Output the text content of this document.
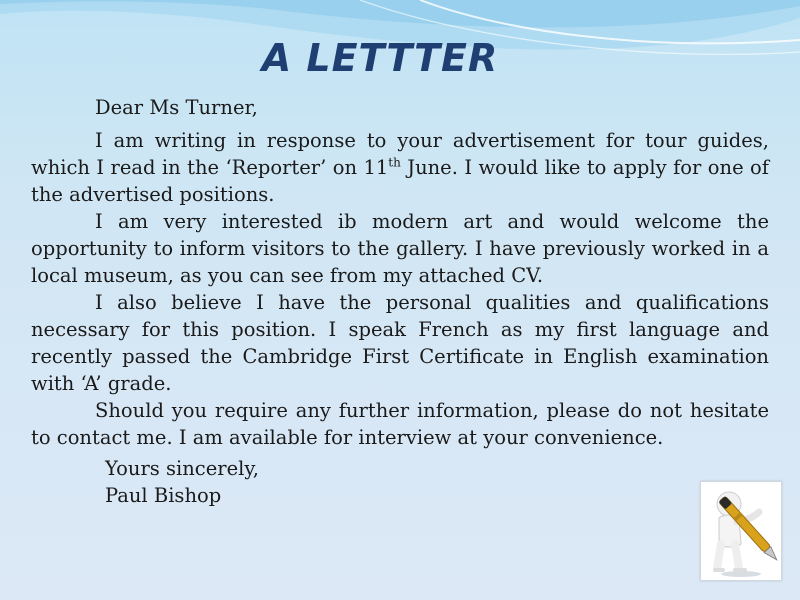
A LETTTER

Dear Ms Turner,

I am writing in response to your advertisement for tour guides, which I read in the ‘Reporter’ on 11th June. I would like to apply for one of the advertised positions.

I am very interested ib modern art and would welcome the opportunity to inform visitors to the gallery. I have previously worked in a local museum, as you can see from my attached CV.

I also believe I have the personal qualities and qualifications necessary for this position. I speak French as my first language and recently passed the Cambridge First Certificate in English examination with ‘A’ grade.

Should you require any further information, please do not hesitate to contact me. I am available for interview at your convenience.

Yours sincerely,

Paul Bishop
